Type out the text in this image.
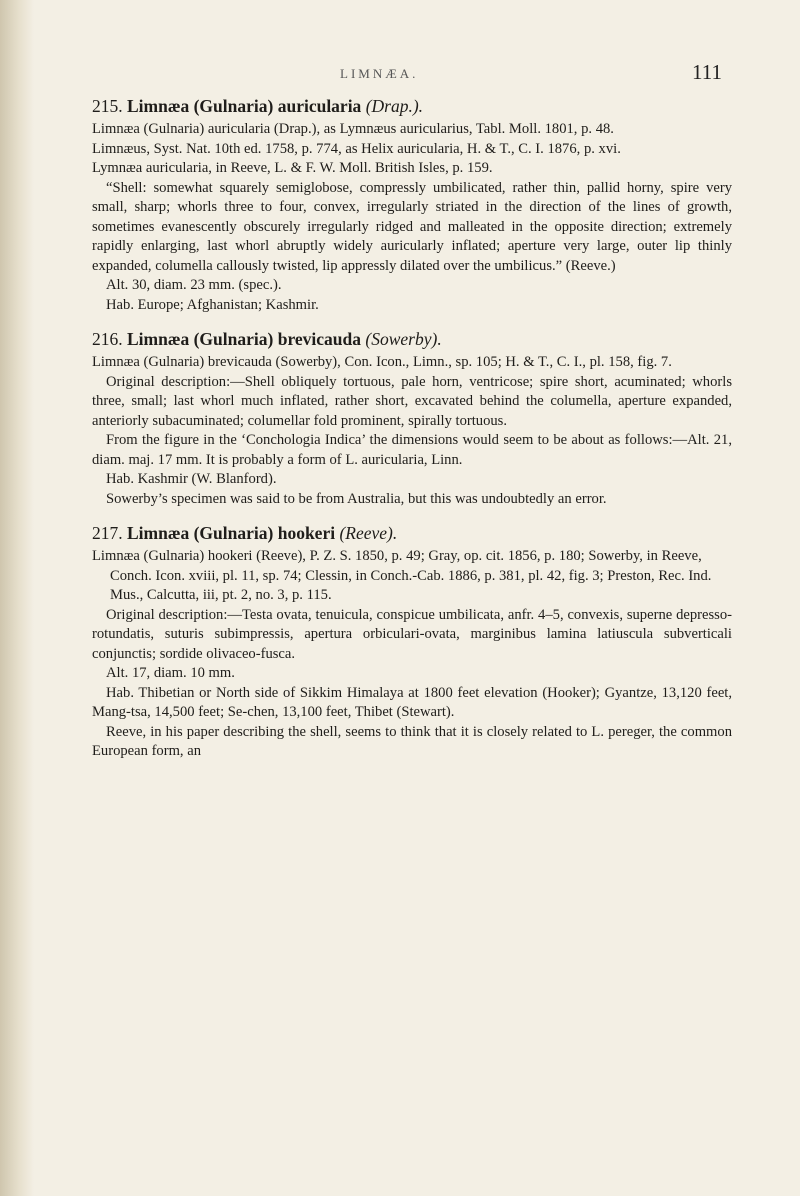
LIMNÆA.	111

215. Limnæa (Gulnaria) auricularia (Drap.).

Limnæa (Gulnaria) auricularia (Drap.), as Lymnæus auricularius, Tabl. Moll. 1801, p. 48.

Limnæus, Syst. Nat. 10th ed. 1758, p. 774, as Helix auricularia, H. & T., C. I. 1876, p. xvi.

Lymnæa auricularia, in Reeve, L. & F. W. Moll. British Isles, p. 159.

“Shell: somewhat squarely semiglobose, compressly umbilicated, rather thin, pallid horny, spire very small, sharp; whorls three to four, convex, irregularly striated in the direction of the lines of growth, sometimes evanescently obscurely irregularly ridged and malleated in the opposite direction; extremely rapidly enlarging, last whorl abruptly widely auricularly inflated; aperture very large, outer lip thinly expanded, columella callously twisted, lip appressly dilated over the umbilicus.” (Reeve.)

Alt. 30, diam. 23 mm. (spec.).

Hab. Europe; Afghanistan; Kashmir.

216. Limnæa (Gulnaria) brevicauda (Sowerby).

Limnæa (Gulnaria) brevicauda (Sowerby), Con. Icon., Limn., sp. 105; H. & T., C. I., pl. 158, fig. 7.

Original description:—Shell obliquely tortuous, pale horn, ventricose; spire short, acuminated; whorls three, small; last whorl much inflated, rather short, excavated behind the columella, aperture expanded, anteriorly subacuminated; columellar fold prominent, spirally tortuous.

From the figure in the ‘Conchologia Indica’ the dimensions would seem to be about as follows:—Alt. 21, diam. maj. 17 mm. It is probably a form of L. auricularia, Linn.

Hab. Kashmir (W. Blanford).

Sowerby’s specimen was said to be from Australia, but this was undoubtedly an error.

217. Limnæa (Gulnaria) hookeri (Reeve).

Limnæa (Gulnaria) hookeri (Reeve), P. Z. S. 1850, p. 49; Gray, op. cit. 1856, p. 180; Sowerby, in Reeve, Conch. Icon. xviii, pl. 11, sp. 74; Clessin, in Conch.-Cab. 1886, p. 381, pl. 42, fig. 3; Preston, Rec. Ind. Mus., Calcutta, iii, pt. 2, no. 3, p. 115.

Original description:—Testa ovata, tenuicula, conspicue umbilicata, anfr. 4–5, convexis, superne depresso-rotundatis, suturis subimpressis, apertura orbiculari-ovata, marginibus lamina latiuscula subverticali conjunctis; sordide olivaceo-fusca.

Alt. 17, diam. 10 mm.

Hab. Thibetian or North side of Sikkim Himalaya at 1800 feet elevation (Hooker); Gyantze, 13,120 feet, Mang-tsa, 14,500 feet; Se-chen, 13,100 feet, Thibet (Stewart).

Reeve, in his paper describing the shell, seems to think that it is closely related to L. pereger, the common European form, an
